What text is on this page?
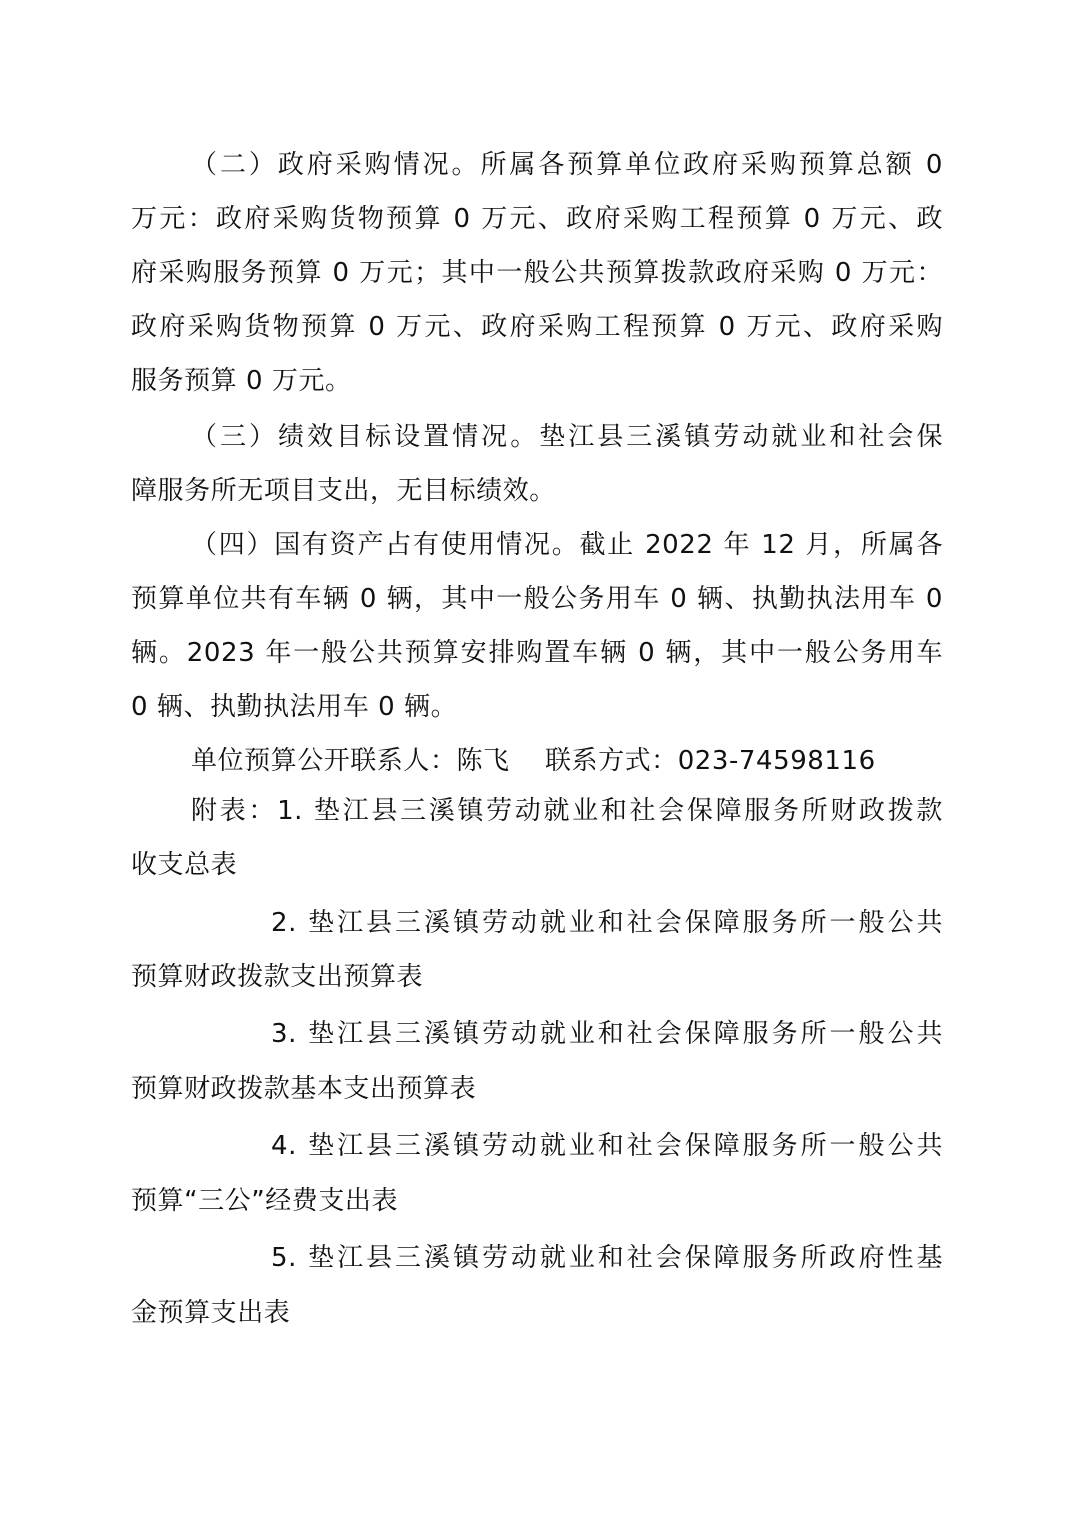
（二）政府采购情况。所属各预算单位政府采购预算总额 0

万元：政府采购货物预算 0 万元、政府采购工程预算 0 万元、政

府采购服务预算 0 万元；其中一般公共预算拨款政府采购 0 万元：

政府采购货物预算 0 万元、政府采购工程预算 0 万元、政府采购

服务预算 0 万元。

（三）绩效目标设置情况。垫江县三溪镇劳动就业和社会保

障服务所无项目支出，无目标绩效。

（四）国有资产占有使用情况。截止 2022 年 12 月，所属各

预算单位共有车辆 0 辆，其中一般公务用车 0 辆、执勤执法用车 0

辆。2023 年一般公共预算安排购置车辆 0 辆，其中一般公务用车

0 辆、执勤执法用车 0 辆。

单位预算公开联系人：陈飞　 联系方式：023-74598116

附表：1. 垫江县三溪镇劳动就业和社会保障服务所财政拨款

收支总表

2. 垫江县三溪镇劳动就业和社会保障服务所一般公共

预算财政拨款支出预算表

3. 垫江县三溪镇劳动就业和社会保障服务所一般公共

预算财政拨款基本支出预算表

4. 垫江县三溪镇劳动就业和社会保障服务所一般公共

预算“三公”经费支出表

5. 垫江县三溪镇劳动就业和社会保障服务所政府性基

金预算支出表
